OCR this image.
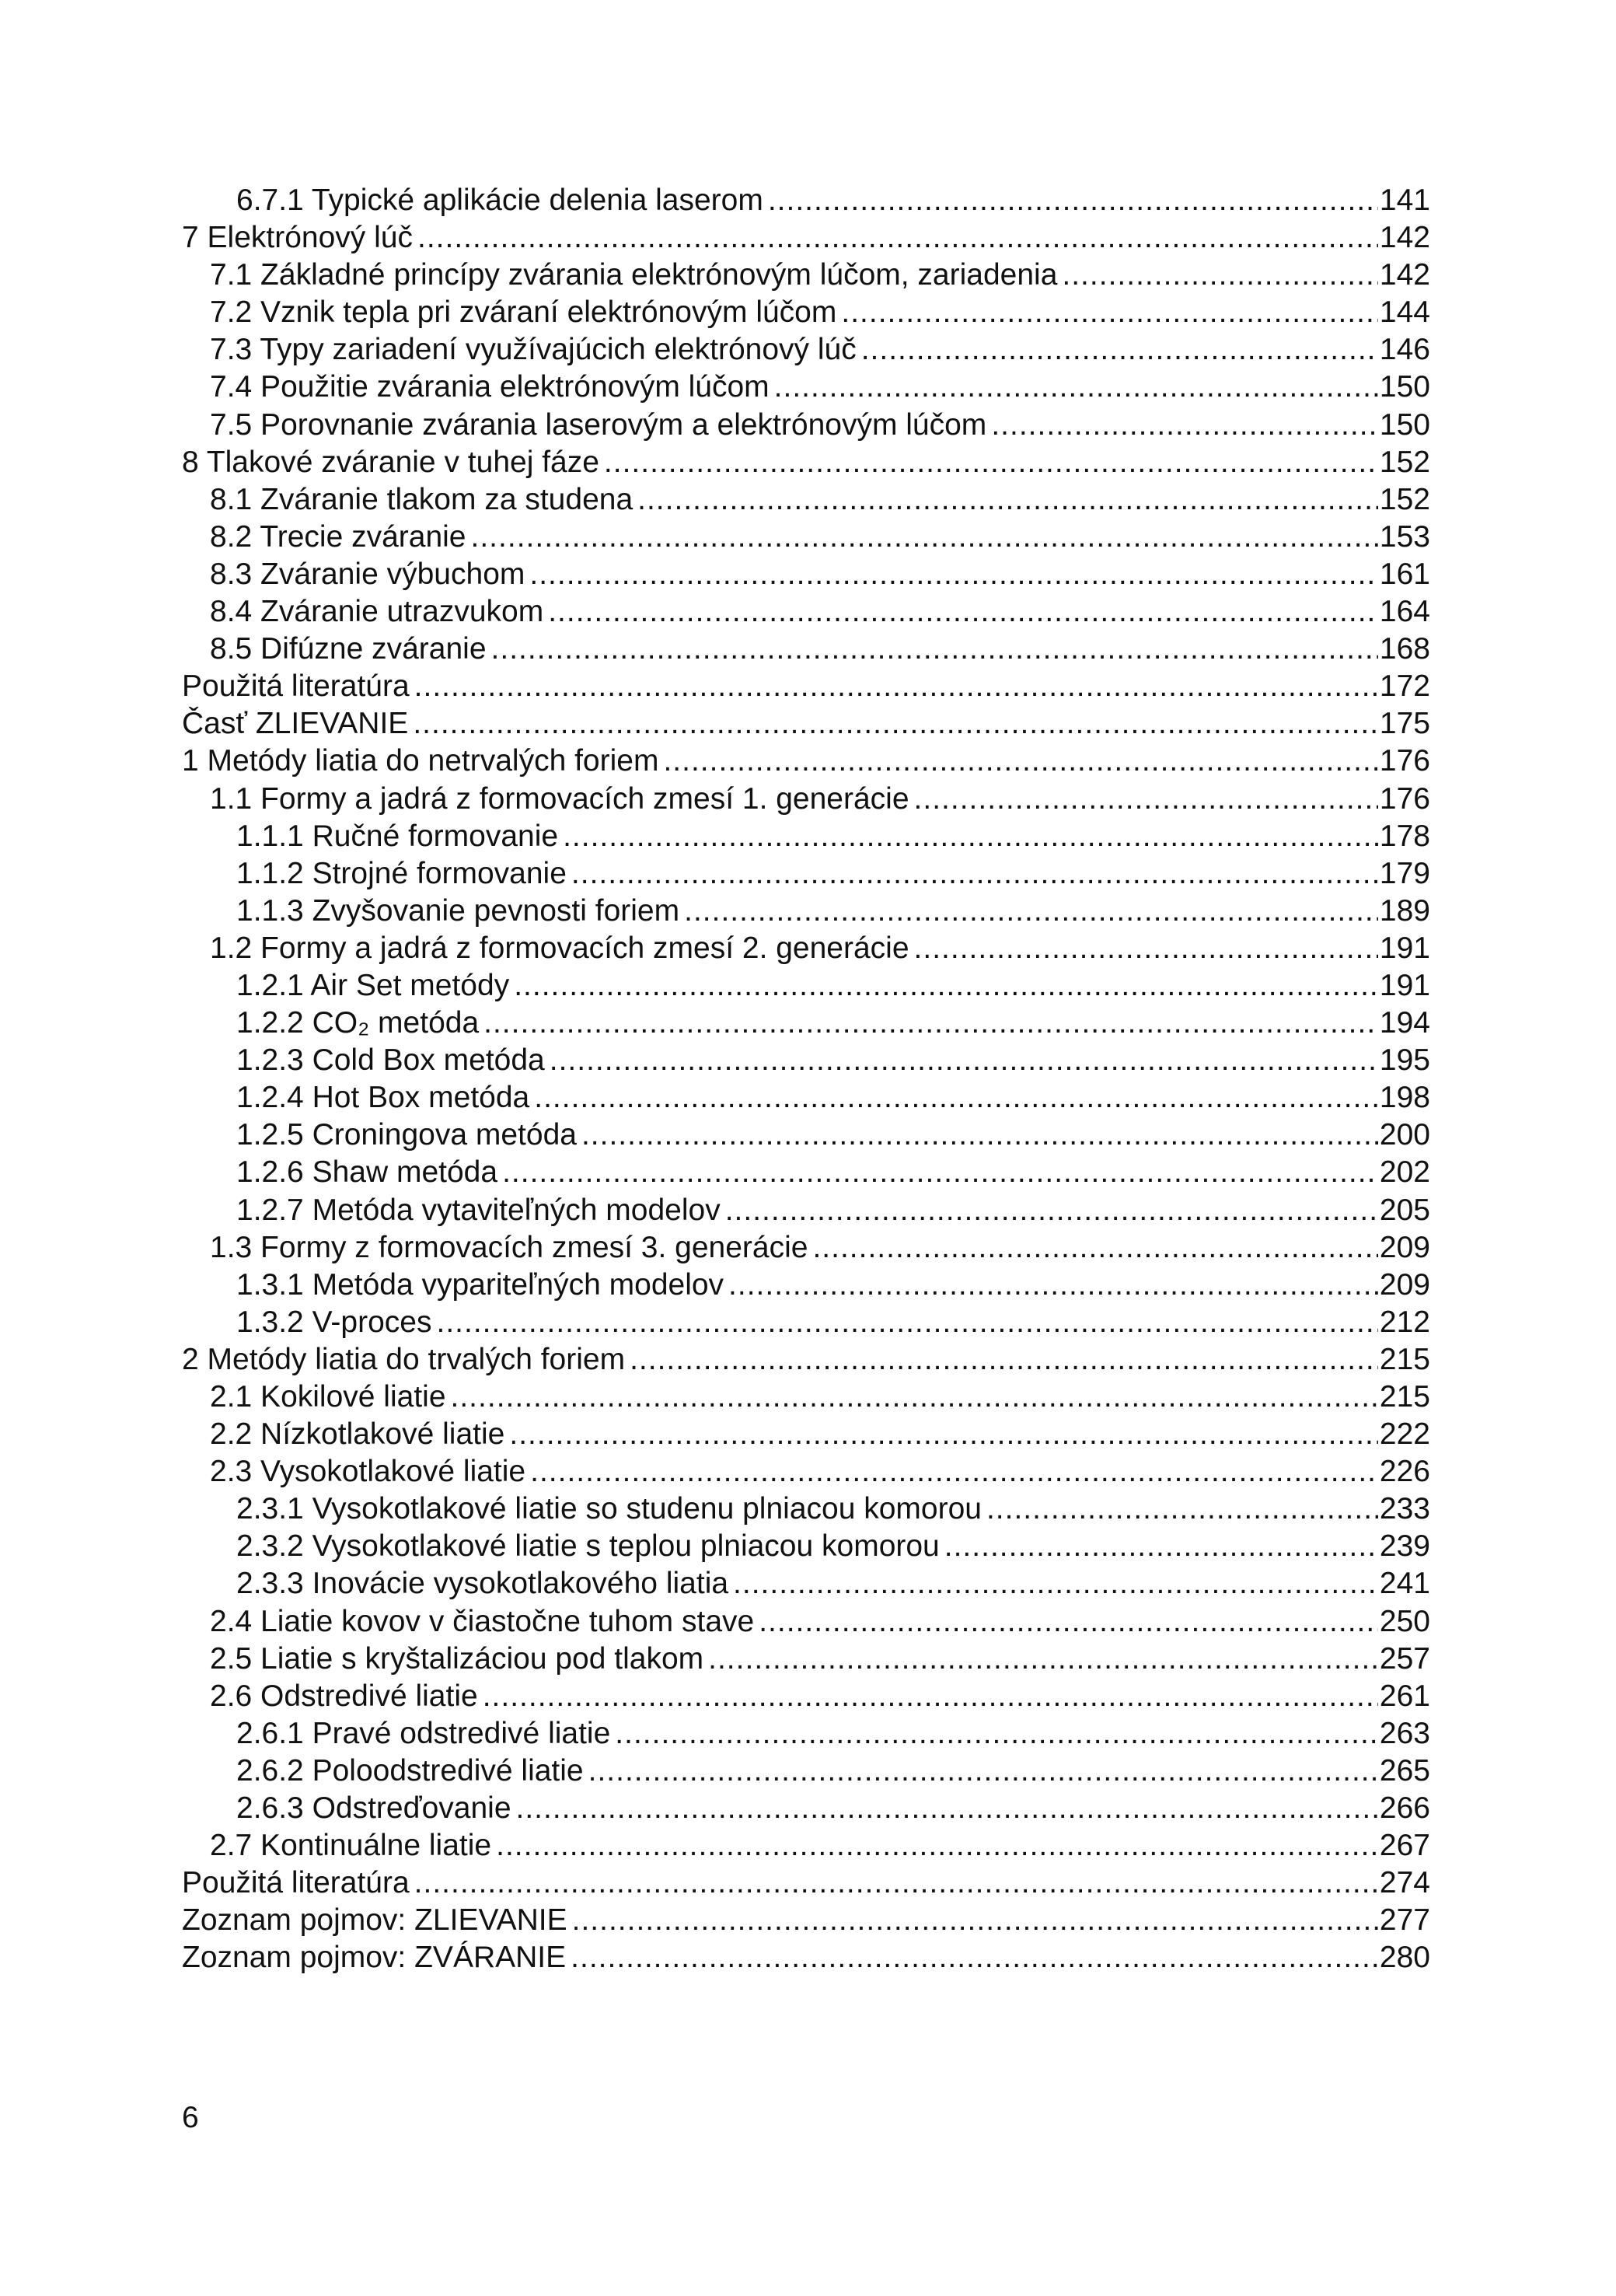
6.7.1 Typické aplikácie delenia laserom .....	141
7 Elektrónový lúč .....	142
7.1 Základné princípy zvárania elektrónovým lúčom, zariadenia .....	142
7.2 Vznik tepla pri zváraní elektrónovým lúčom .....	144
7.3 Typy zariadení využívajúcich elektrónový lúč .....	146
7.4 Použitie zvárania elektrónovým lúčom .....	150
7.5 Porovnanie zvárania laserovým a elektrónovým lúčom .....	150
8 Tlakové zváranie v tuhej fáze .....	152
8.1 Zváranie tlakom za studena .....	152
8.2 Trecie zváranie .....	153
8.3 Zváranie výbuchom .....	161
8.4 Zváranie utrazvukom .....	164
8.5 Difúzne zváranie .....	168
Použitá literatúra .....	172
Časť ZLIEVANIE .....	175
1 Metódy liatia do netrvalých foriem .....	176
1.1 Formy a jadrá z formovacích zmesí 1. generácie .....	176
1.1.1 Ručné formovanie .....	178
1.1.2 Strojné formovanie .....	179
1.1.3 Zvyšovanie pevnosti foriem .....	189
1.2 Formy a jadrá z formovacích zmesí 2. generácie .....	191
1.2.1 Air Set metódy .....	191
1.2.2 CO₂ metóda .....	194
1.2.3 Cold Box metóda .....	195
1.2.4 Hot Box metóda .....	198
1.2.5 Croningova metóda .....	200
1.2.6 Shaw metóda .....	202
1.2.7 Metóda vytaviteľných modelov .....	205
1.3 Formy z formovacích zmesí 3. generácie .....	209
1.3.1 Metóda vypariteľných modelov .....	209
1.3.2 V-proces .....	212
2 Metódy liatia do trvalých foriem .....	215
2.1 Kokilové liatie .....	215
2.2 Nízkotlakové liatie .....	222
2.3 Vysokotlakové liatie .....	226
2.3.1 Vysokotlakové liatie so studenu plniacou komorou .....	233
2.3.2 Vysokotlakové liatie s teplou plniacou komorou .....	239
2.3.3 Inovácie vysokotlakového liatia .....	241
2.4 Liatie kovov v čiastočne tuhom stave .....	250
2.5 Liatie s kryštalizáciou pod tlakom .....	257
2.6 Odstredivé liatie .....	261
2.6.1 Pravé odstredivé liatie .....	263
2.6.2 Poloodstredivé liatie .....	265
2.6.3 Odstreďovanie .....	266
2.7 Kontinuálne liatie .....	267
Použitá literatúra .....	274
Zoznam pojmov: ZLIEVANIE .....	277
Zoznam pojmov: ZVÁRANIE .....	280
6
